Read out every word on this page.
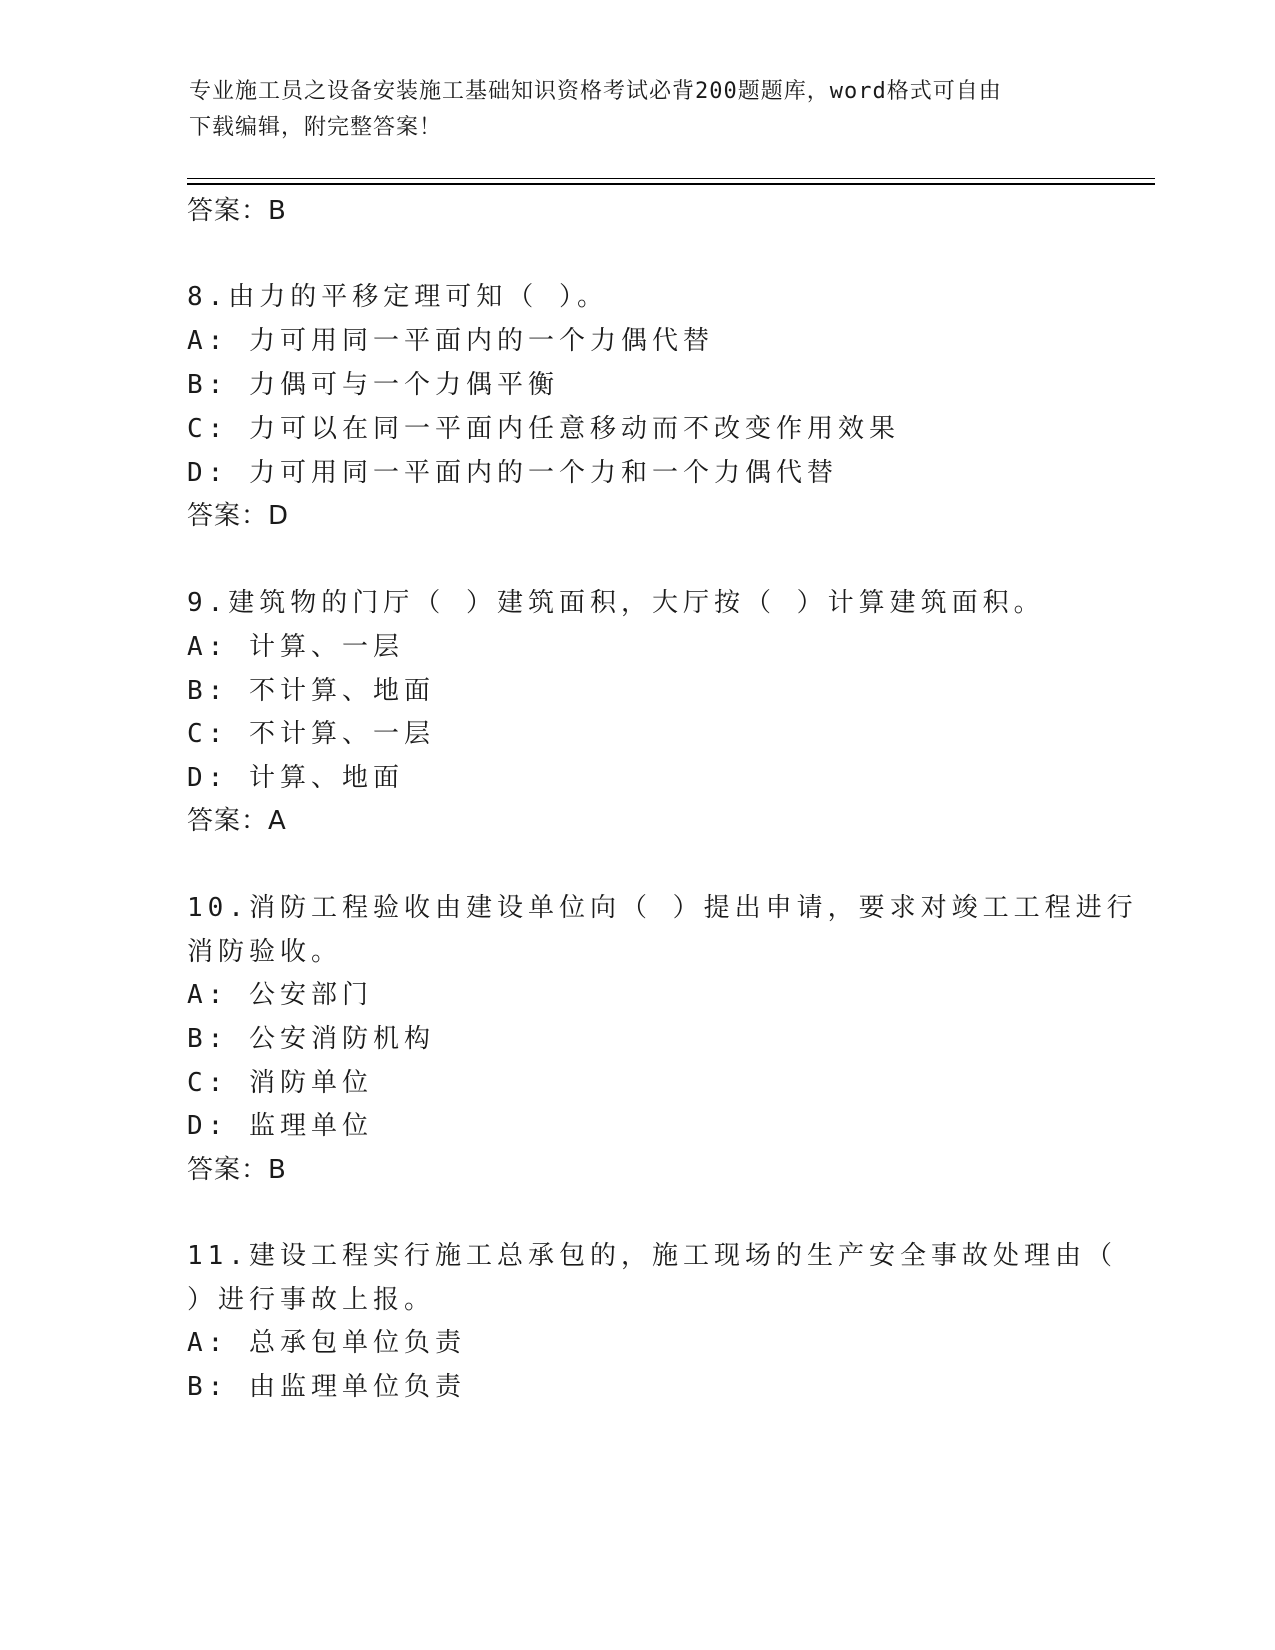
专业施工员之设备安装施工基础知识资格考试必背200题题库，word格式可自由
下载编辑，附完整答案！
答案：B
8.由力的平移定理可知（ ）。
A: 力可用同一平面内的一个力偶代替
B: 力偶可与一个力偶平衡
C: 力可以在同一平面内任意移动而不改变作用效果
D: 力可用同一平面内的一个力和一个力偶代替
答案：D
9.建筑物的门厅（ ）建筑面积，大厅按（ ）计算建筑面积。
A: 计算、一层
B: 不计算、地面
C: 不计算、一层
D: 计算、地面
答案：A
10.消防工程验收由建设单位向（ ）提出申请，要求对竣工工程进行
消防验收。
A: 公安部门
B: 公安消防机构
C: 消防单位
D: 监理单位
答案：B
11.建设工程实行施工总承包的，施工现场的生产安全事故处理由（
）进行事故上报。
A: 总承包单位负责
B: 由监理单位负责
